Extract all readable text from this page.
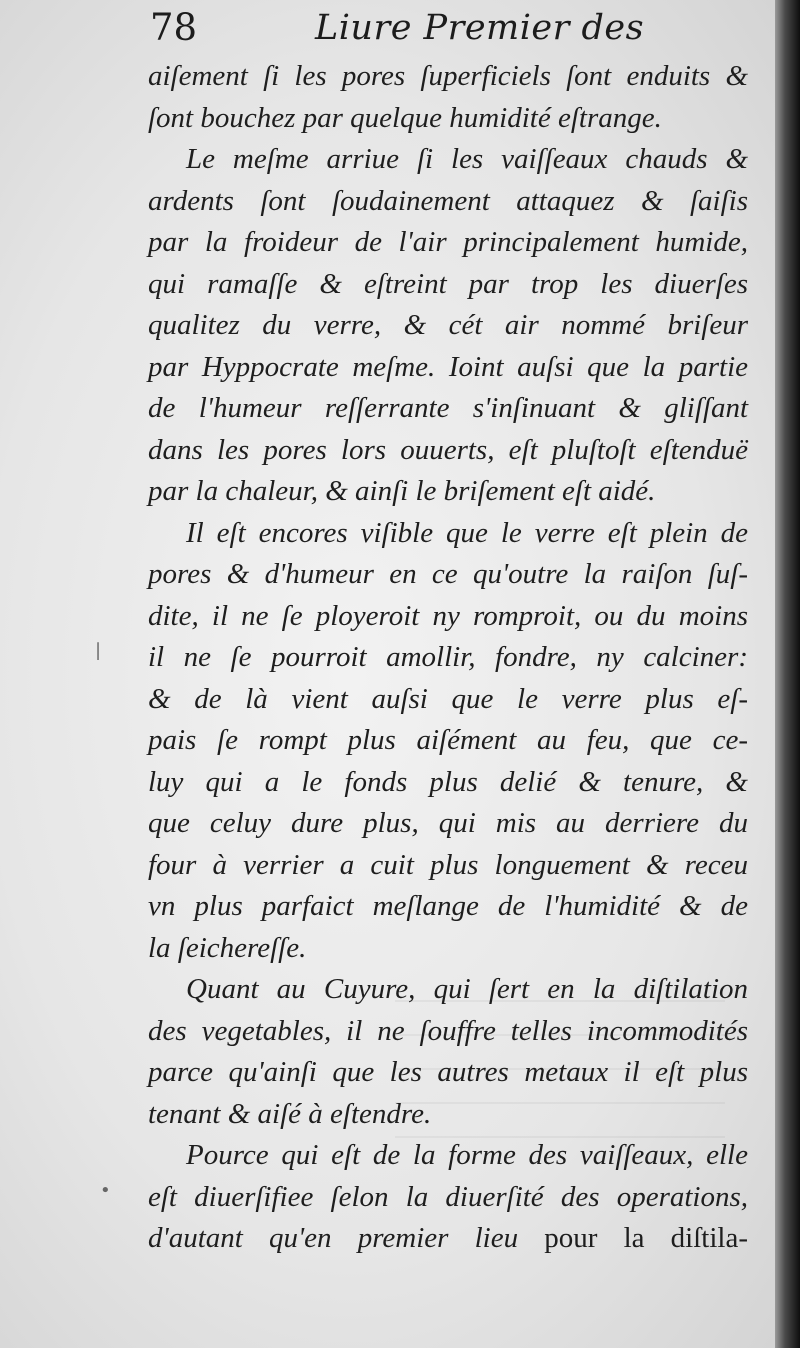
78	Liure Premier des
aiſement ſi les pores ſuperficiels ſont enduits &
ſont bouchez par quelque humidité eſtrange.
Le meſme arriue ſi les vaiſſeaux chauds &
ardents ſont ſoudainement attaquez & ſaiſis
par la froideur de l'air principalement humide,
qui ramaſſe & eſtreint par trop les diuerſes
qualitez du verre, & cét air nommé briſeur
par Hyppocrate meſme. Ioint auſsi que la partie
de l'humeur reſſerrante s'inſinuant & gliſſant
dans les pores lors ouuerts, eſt pluſtoſt eſtenduë
par la chaleur, & ainſi le briſement eſt aidé.
Il eſt encores viſible que le verre eſt plein de
pores & d'humeur en ce qu'outre la raiſon ſuſ-
dite, il ne ſe ployeroit ny romproit, ou du moins
il ne ſe pourroit amollir, fondre, ny calciner:
& de là vient auſsi que le verre plus eſ-
pais ſe rompt plus aiſément au feu, que ce-
luy qui a le fonds plus delié & tenure, &
que celuy dure plus, qui mis au derriere du
four à verrier a cuit plus longuement & receu
vn plus parfaict meſlange de l'humidité & de
la ſeichereſſe.
Quant au Cuyure, qui ſert en la diſtilation
des vegetables, il ne ſouffre telles incommodités
parce qu'ainſi que les autres metaux il eſt plus
tenant & aiſé à eſtendre.
Pource qui eſt de la forme des vaiſſeaux, elle
eſt diuerſifiee ſelon la diuerſité des operations,
d'autant qu'en premier lieu pour la diſtila-
|
•
